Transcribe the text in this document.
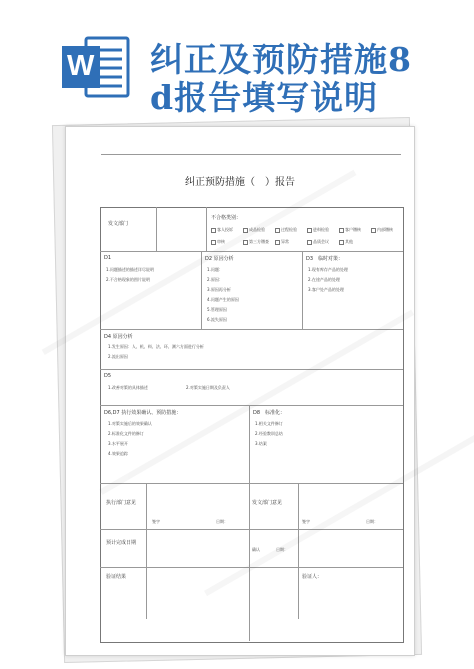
W 纠正及预防措施8
d报告填写说明
纠正预防措施（　）报告
发文部门
不合格类别：
客人投诉	成品检验	过程检验	进料检验	客户稽核	内部稽核
审核	第三方稽查	异常	品质会议	其他
D1
1.问题描述的描述详尽说明
2.不合格现象的图片说明
D2 原因分析
1.问题：
2.原因：
3.原因再分析
4.问题产生的原因
5.管理原因
6.流失原因
D3　临时对策：
1.现有库存产品的处理
2.在途产品的处理
3.客户处产品的处理
D4 原因分析
1.发生原因：人、机、料、法、环、测六方面进行分析
2.流出原因
D5
1.改善对策的具体描述	2.对策实施日期及负责人
D6,D7 执行效果确认、预防措施：
1.对策实施后的效果确认
2.标准化文件的修订
3.水平展开
4.效果追踪
D8　标准化：
1.相关文件修订
2.经验教训总结
3.结案
执行部门意见	发文部门意见
签字	日期：	签字	日期：
预计完成日期
确认	日期：
验证结果	验证人：
